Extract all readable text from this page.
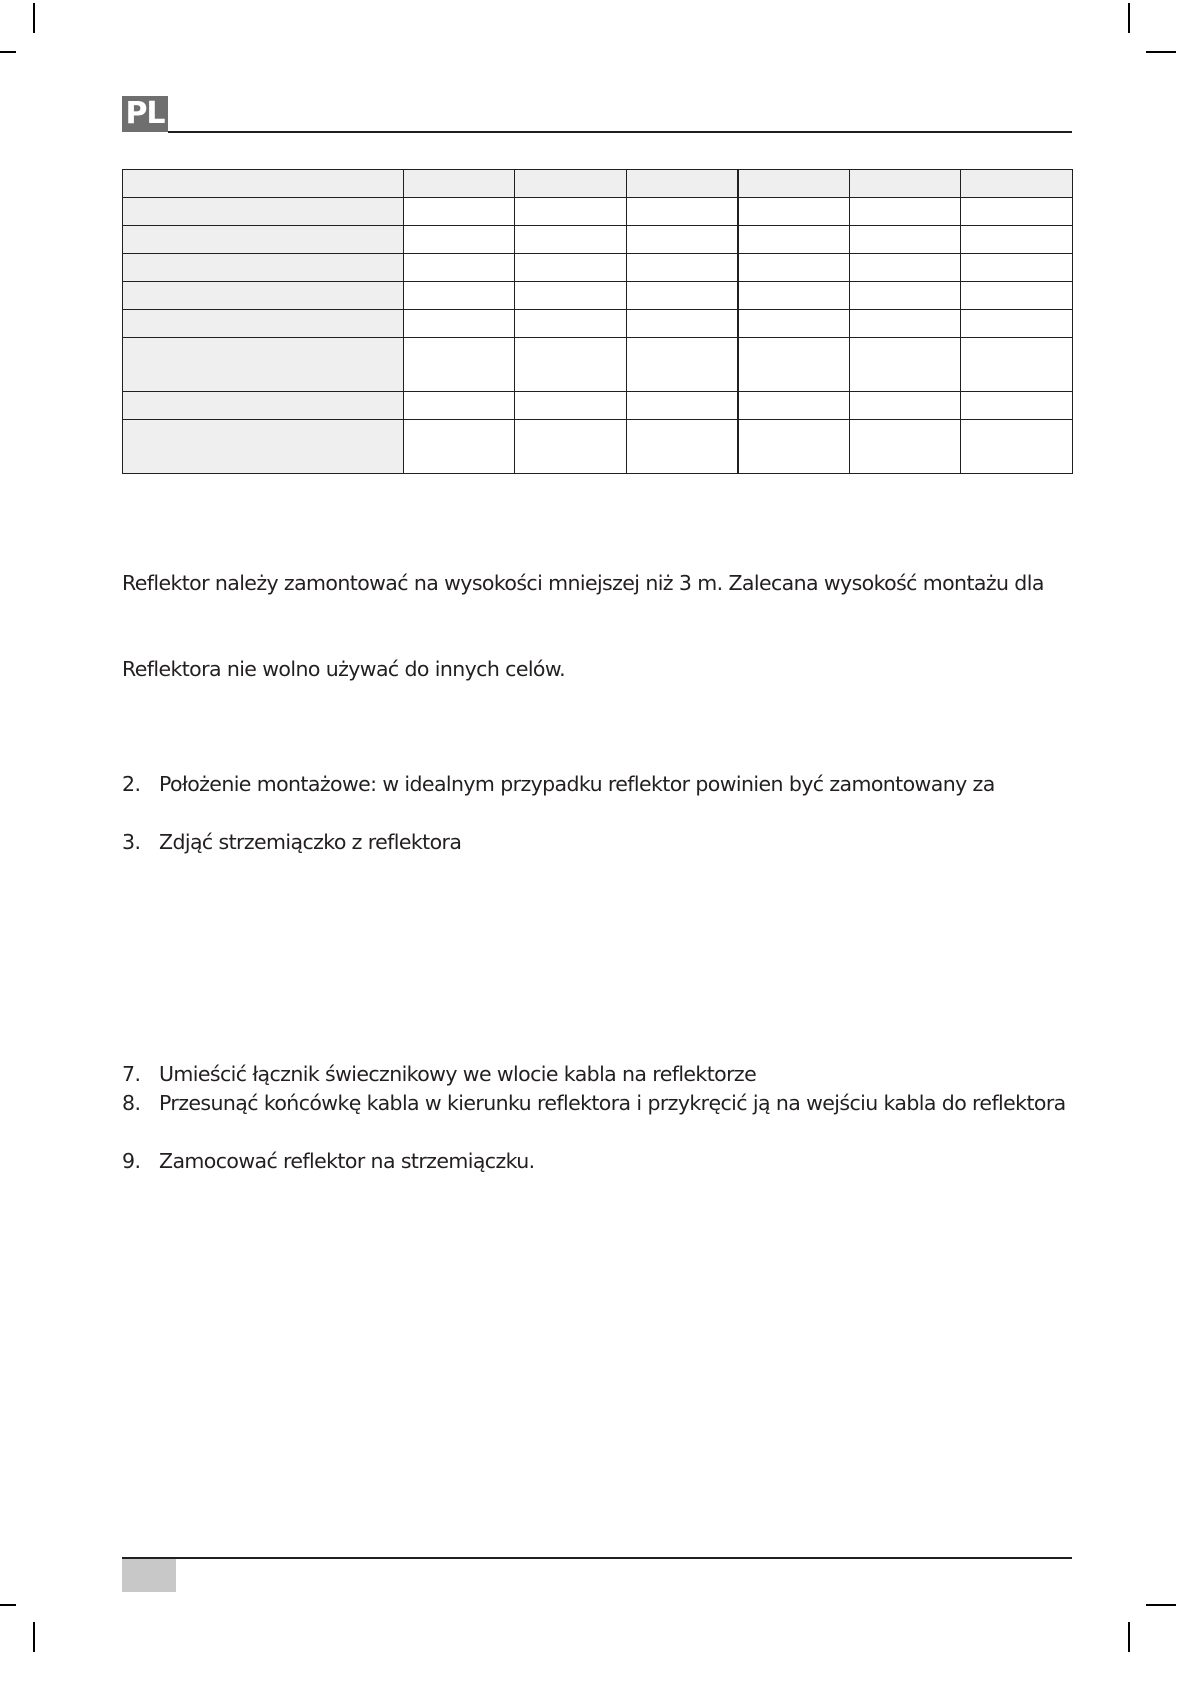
PL

Reflektor należy zamontować na wysokości mniejszej niż 3 m. Zalecana wysokość montażu dla
Reflektora nie wolno używać do innych celów.
2. Położenie montażowe: w idealnym przypadku reflektor powinien być zamontowany za
3. Zdjąć strzemiączko z reflektora
7. Umieścić łącznik świecznikowy we wlocie kabla na reflektorze
8. Przesunąć końcówkę kabla w kierunku reflektora i przykręcić ją na wejściu kabla do reflektora
9. Zamocować reflektor na strzemiączku.
